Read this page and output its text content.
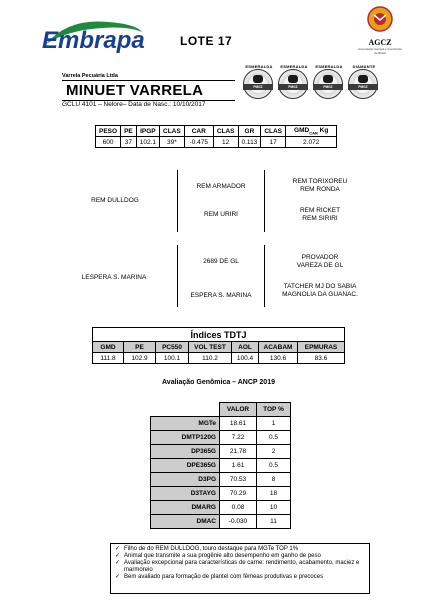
Embrapa	LOTE 17	AGCZ
Associação Guzerá e Guzolando do Brasil
Varrela Pecuária Ltda
MINUET VARRELA
GCLU 4101 – Nelore– Data de Nasc.: 10/10/2017
ESMERALDA
PMGZ
ESMERALDA
PMGZ
ESMERALDA
PMGZ
DIAMANTE
PMGZ
PESO	PE	IPGP	CLAS	CAR	CLAS	GR	CLAS	$GMD_{CAR}$ Kg
600	37	102.1	39*	-0.475	12	0.113	17	2.072
REM DULLDOG
REM ARMADOR
REM URIRI
REM TORIXOREU
REM RONDA
REM RICKET
REM SIRIRI
LESPERA S. MARINA
2689 DE GL
ESPERA S. MARINA
PROVADOR
VAREZA DE GL
TATCHER MJ DO SABIA
MAGNOLIA DA GUANAC.
Índices TDTJ						
GMD	PE	PC550	VOL TEST	AOL	ACABAM	EPMURAS
111.8	102.9	100.1	110.2	100.4	130.6	83.6
Avaliação Genômica – ANCP 2019
	VALOR	TOP %
MGTe	18.61	1
DMTP120G	7.22	0.5
DP365G	21.78	2
DPE365G	1.61	0.5
D3PG	70.53	8
D3TAYG	70.29	18
DMARG	0.08	10
DMAC	-0.030	11
✓ Filho de do REM DULLDOG, touro destaque para MGTe TOP 1%
✓ Animal que transmite a sua progênie alto desempenho em ganho de peso
✓ Avaliação excepcional para características de carne: rendimento, acabamento, maciez e marmoreio
✓ Bem avaliado para formação de plantel com fêmeas produtivas e precoces
